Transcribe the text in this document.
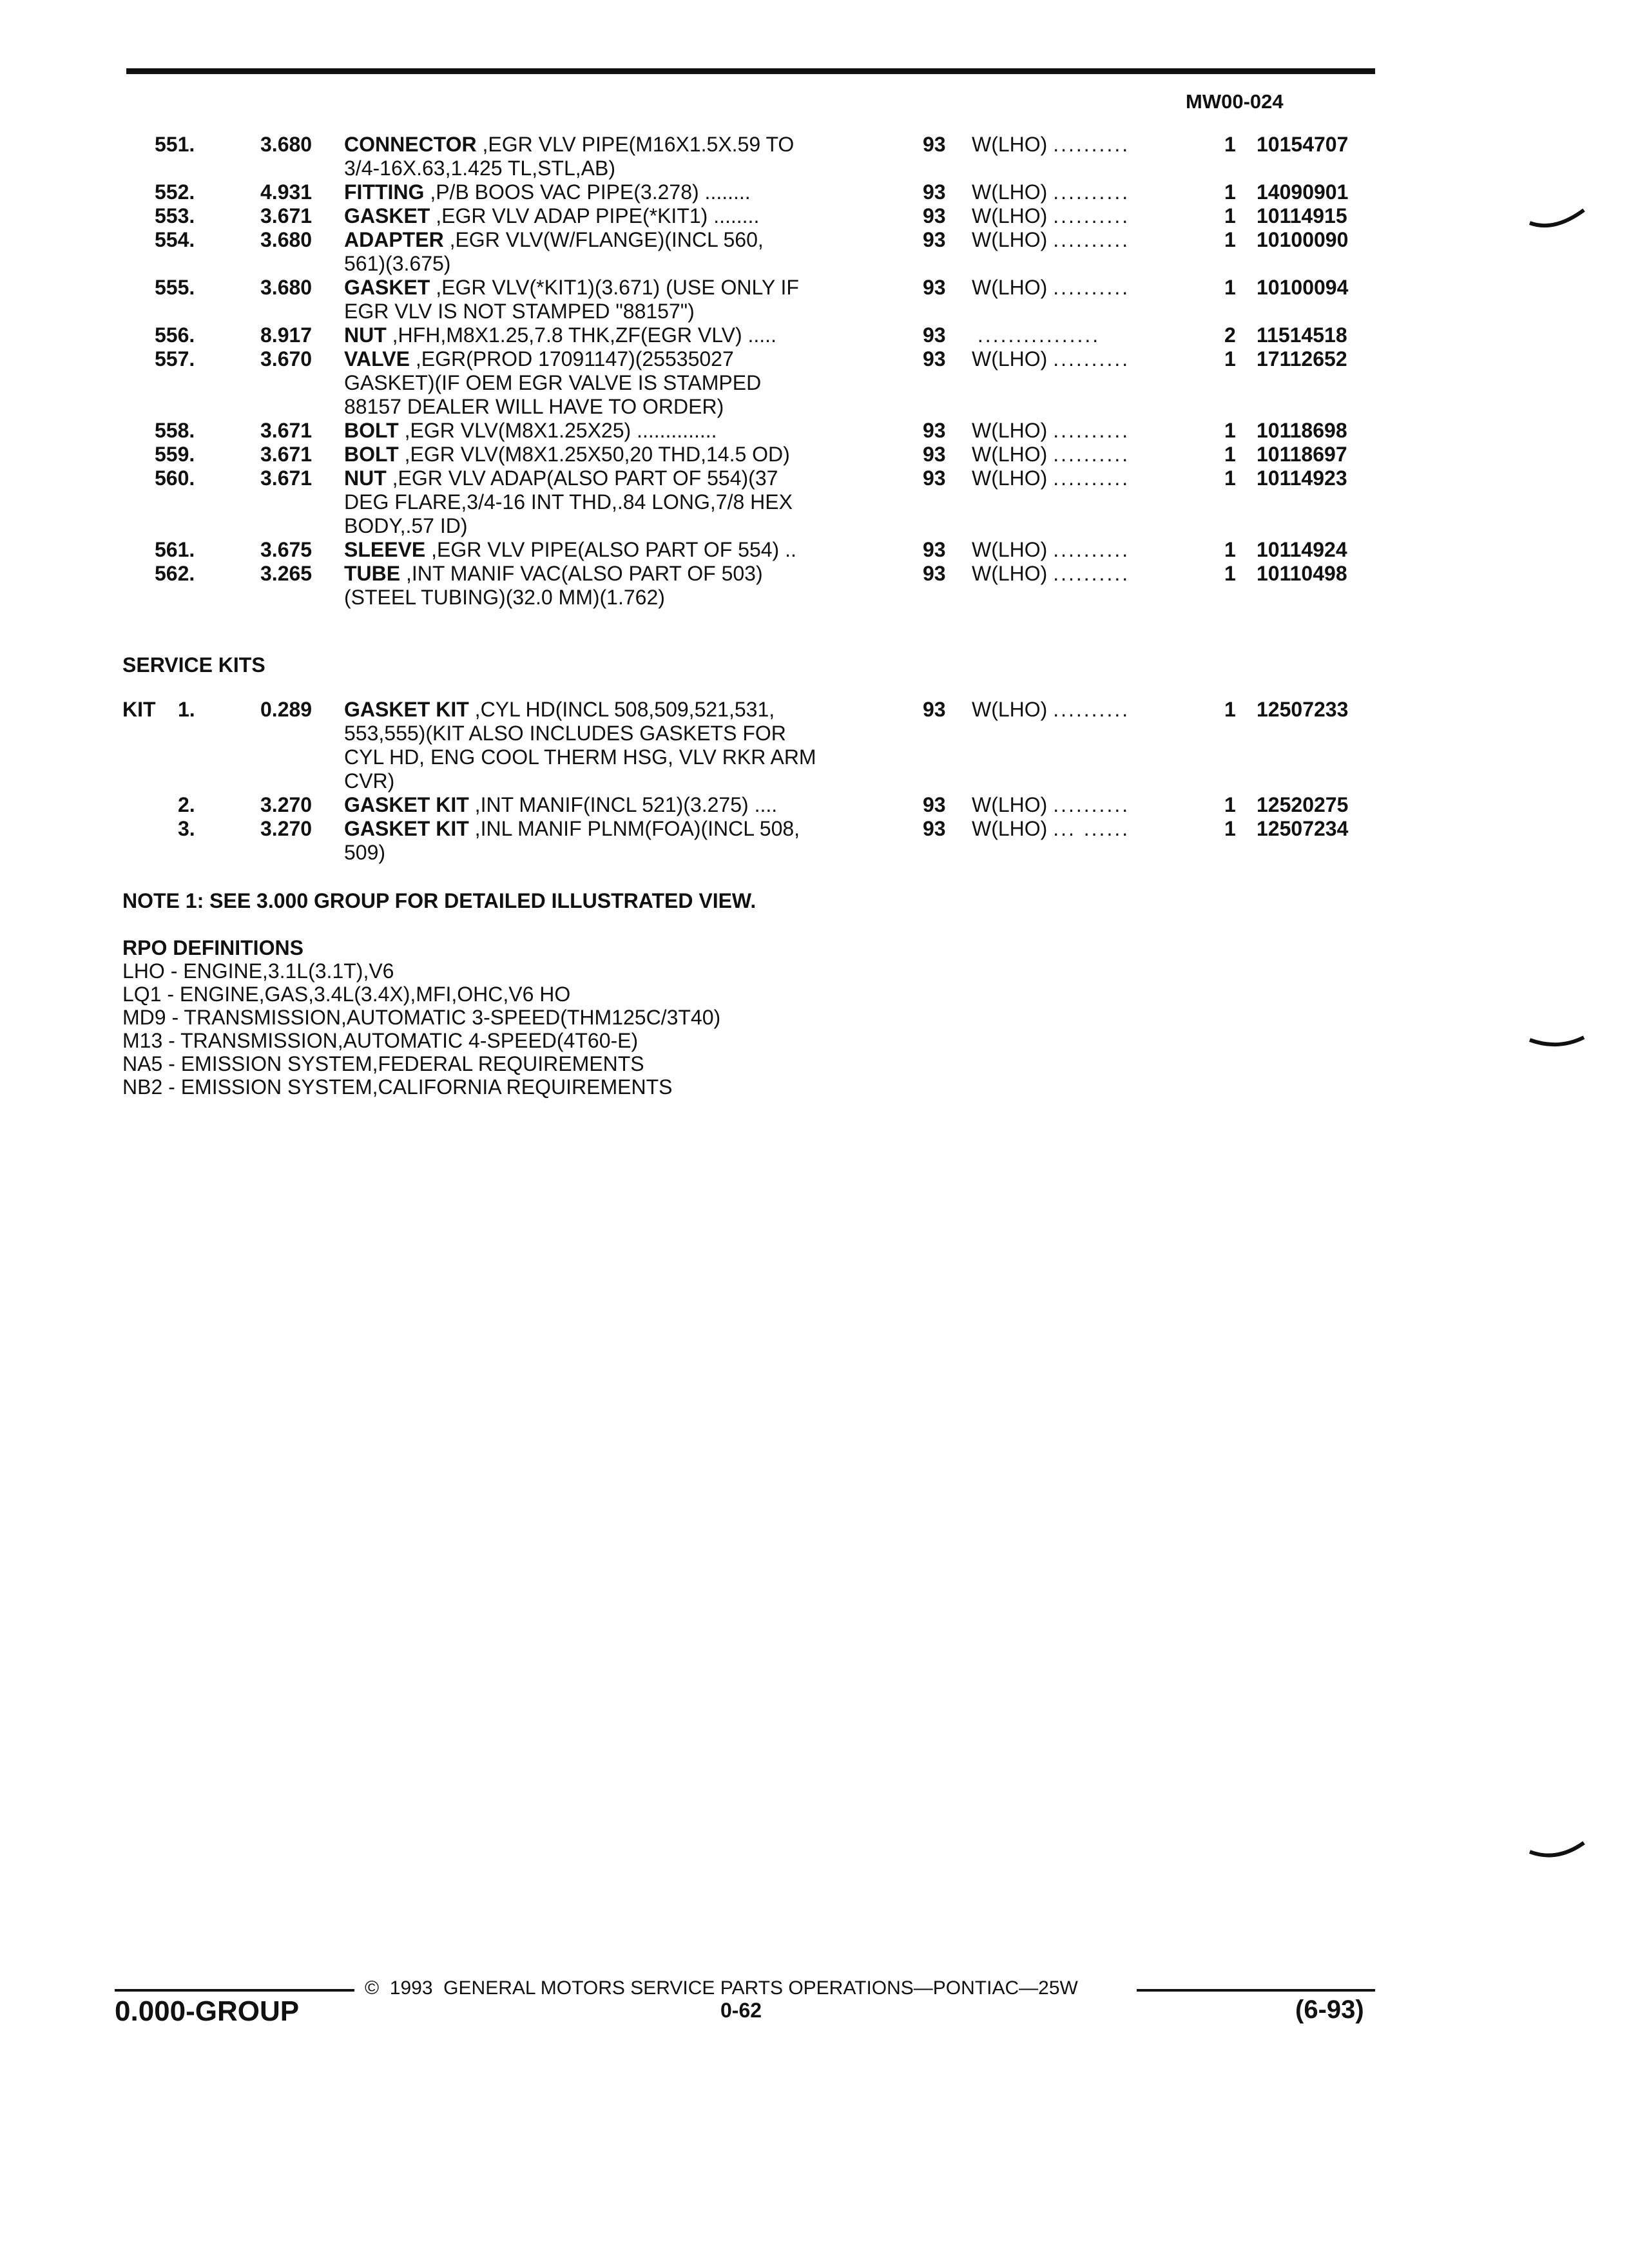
MW00-024
551.	3.680 CONNECTOR ,EGR VLV PIPE(M16X1.5X.59 TO
3/4-16X.63,1.425 TL,STL,AB)
93 W(LHO) ..........	1 10154707
552.	4.931 FITTING ,P/B BOOS VAC PIPE(3.278) ........	93 W(LHO) ..........	1 14090901
553.	3.671 GASKET ,EGR VLV ADAP PIPE(*KIT1) ........	93 W(LHO) ..........	1 10114915
554.	3.680 ADAPTER ,EGR VLV(W/FLANGE)(INCL 560,
561)(3.675)
93 W(LHO) ..........	1 10100090
555.	3.680 GASKET ,EGR VLV(*KIT1)(3.671) (USE ONLY IF
EGR VLV IS NOT STAMPED "88157")
93 W(LHO) ..........	1 10100094
556.	8.917 NUT ,HFH,M8X1.25,7.8 THK,ZF(EGR VLV) .....	93 ................	2 11514518
557.	3.670 VALVE ,EGR(PROD 17091147)(25535027
GASKET)(IF OEM EGR VALVE IS STAMPED
88157 DEALER WILL HAVE TO ORDER)
93 W(LHO) ..........	1 17112652
558.	3.671 BOLT ,EGR VLV(M8X1.25X25) ..............	93 W(LHO) ..........	1 10118698
559.	3.671 BOLT ,EGR VLV(M8X1.25X50,20 THD,14.5 OD)	93 W(LHO) ..........	1 10118697
560.	3.671 NUT ,EGR VLV ADAP(ALSO PART OF 554)(37
DEG FLARE,3/4-16 INT THD,.84 LONG,7/8 HEX
BODY,.57 ID)
93 W(LHO) ..........	1 10114923
561.	3.675 SLEEVE ,EGR VLV PIPE(ALSO PART OF 554) ..	93 W(LHO) ..........	1 10114924
562.	3.265 TUBE ,INT MANIF VAC(ALSO PART OF 503)
(STEEL TUBING)(32.0 MM)(1.762)
93 W(LHO) ..........	1 10110498
SERVICE KITS
KIT 1.	0.289 GASKET KIT ,CYL HD(INCL 508,509,521,531,
553,555)(KIT ALSO INCLUDES GASKETS FOR
CYL HD, ENG COOL THERM HSG, VLV RKR ARM
CVR)
93 W(LHO) ..........	1 12507233
2.	3.270 GASKET KIT ,INT MANIF(INCL 521)(3.275) ....	93 W(LHO) ..........	1 12520275
3.	3.270 GASKET KIT ,INL MANIF PLNM(FOA)(INCL 508,
509)
93 W(LHO) ... ......	1 12507234
NOTE 1: SEE 3.000 GROUP FOR DETAILED ILLUSTRATED VIEW.
RPO DEFINITIONS
LHO - ENGINE,3.1L(3.1T),V6
LQ1 - ENGINE,GAS,3.4L(3.4X),MFI,OHC,V6 HO
MD9 - TRANSMISSION,AUTOMATIC 3-SPEED(THM125C/3T40)
M13 - TRANSMISSION,AUTOMATIC 4-SPEED(4T60-E)
NA5 - EMISSION SYSTEM,FEDERAL REQUIREMENTS
NB2 - EMISSION SYSTEM,CALIFORNIA REQUIREMENTS
©  1993  GENERAL MOTORS SERVICE PARTS OPERATIONS—PONTIAC—25W
0.000-GROUP	0-62	(6-93)
